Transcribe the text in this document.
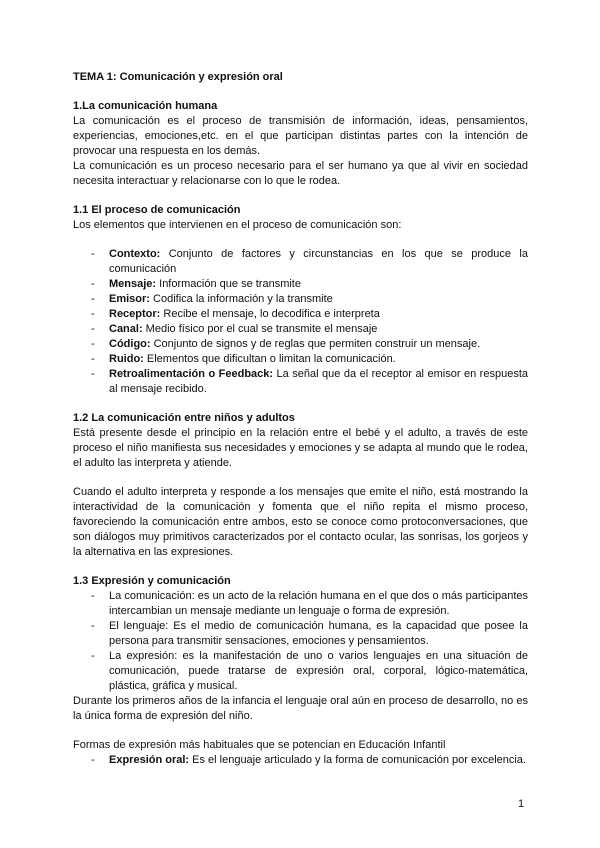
TEMA 1: Comunicación y expresión oral
1.La comunicación humana

La comunicación es el proceso de transmisión de información, ideas, pensamientos, experiencias, emociones,etc. en el que participan distintas partes con la intención de provocar una respuesta en los demás.

La comunicación es un proceso necesario para el ser humano ya que al vivir en sociedad necesita interactuar y relacionarse con lo que le rodea.

1.1 El proceso de comunicación

Los elementos que intervienen en el proceso de comunicación son:

- Contexto: Conjunto de factores y circunstancias en los que se produce la comunicación
- Mensaje: Información que se transmite
- Emisor: Codifica la información y la transmite
- Receptor: Recibe el mensaje, lo decodifica e interpreta
- Canal: Medio físico por el cual se transmite el mensaje
- Código: Conjunto de signos y de reglas que permiten construir un mensaje.
- Ruido: Elementos que dificultan o limitan la comunicación.
- Retroalimentación o Feedback: La señal que da el receptor al emisor en respuesta al mensaje recibido.
1.2 La comunicación entre niños y adultos

Está presente desde el principio en la relación entre el bebé y el adulto, a través de este proceso el niño manifiesta sus necesidades y emociones y se adapta al mundo que le rodea, el adulto las interpreta y atiende.

Cuando el adulto interpreta y responde a los mensajes que emite el niño, está mostrando la interactividad de la comunicación y fomenta que el niño repita el mismo proceso, favoreciendo la comunicación entre ambos, esto se conoce como protoconversaciones, que son diálogos muy primitivos caracterizados por el contacto ocular, las sonrisas, los gorjeos y la alternativa en las expresiones.

1.3 Expresión y comunicación
- La comunicación: es un acto de la relación humana en el que dos o más participantes intercambian un mensaje mediante un lenguaje o forma de expresión.
- El lenguaje: Es el medio de comunicación humana, es la capacidad que posee la persona para transmitir sensaciones, emociones y pensamientos.
- La expresión: es la manifestación de uno o varios lenguajes en una situación de comunicación, puede tratarse de expresión oral, corporal, lógico-matemática, plástica, gráfica y musical.

Durante los primeros años de la infancia el lenguaje oral aún en proceso de desarrollo, no es la única forma de expresión del niño.

Formas de expresión más habituales que se potencian en Educación Infantil

- Expresión oral: Es el lenguaje articulado y la forma de comunicación por excelencia.
1
